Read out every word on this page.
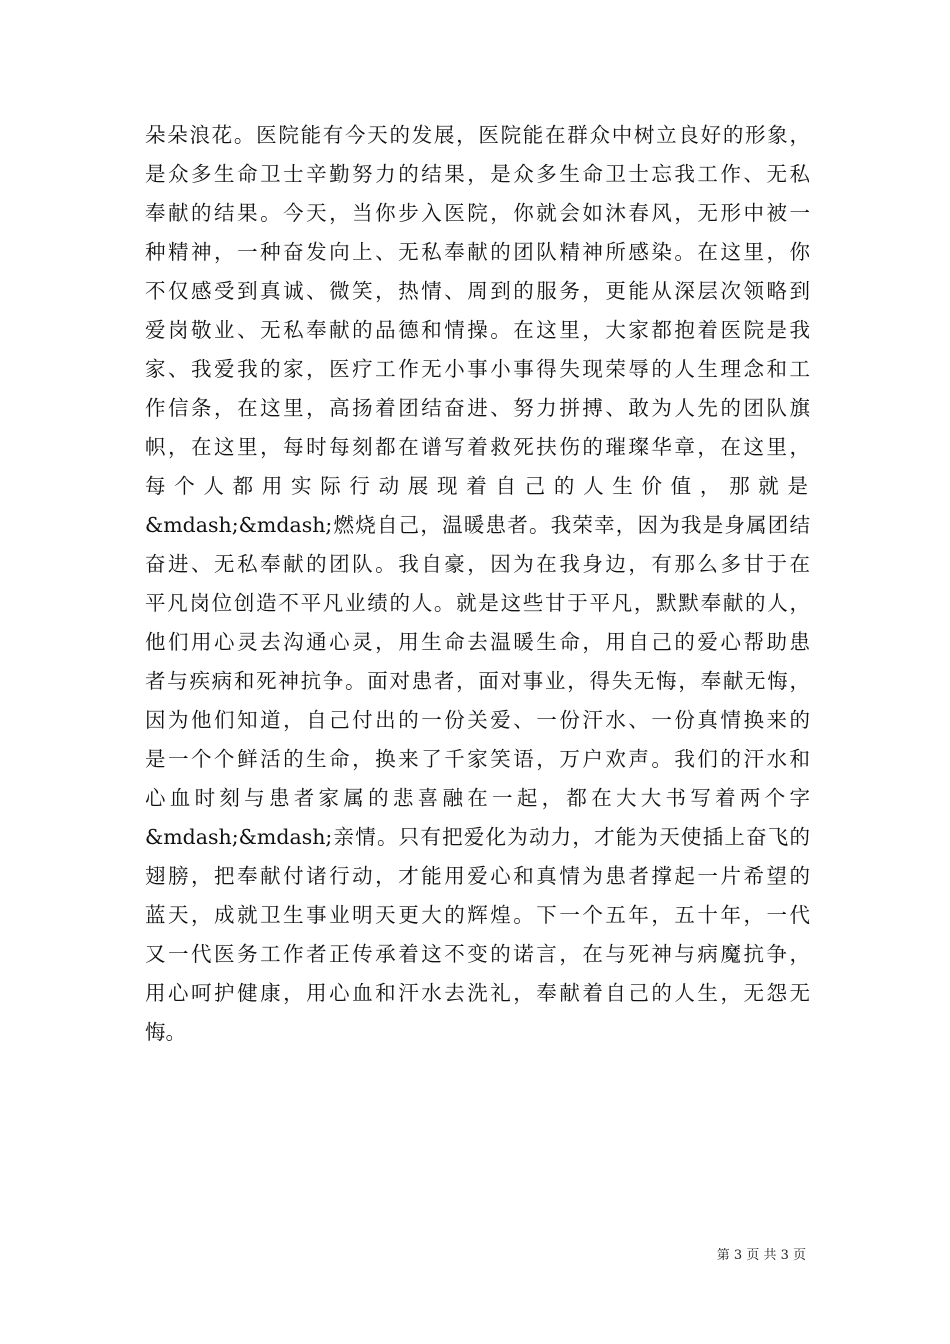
朵朵浪花。医院能有今天的发展，医院能在群众中树立良好的形象，
是众多生命卫士辛勤努力的结果，是众多生命卫士忘我工作、无私
奉献的结果。今天，当你步入医院，你就会如沐春风，无形中被一
种精神，一种奋发向上、无私奉献的团队精神所感染。在这里，你
不仅感受到真诚、微笑，热情、周到的服务，更能从深层次领略到
爱岗敬业、无私奉献的品德和情操。在这里，大家都抱着医院是我
家、我爱我的家，医疗工作无小事小事得失现荣辱的人生理念和工
作信条，在这里，高扬着团结奋进、努力拼搏、敢为人先的团队旗
帜，在这里，每时每刻都在谱写着救死扶伤的璀璨华章，在这里，
每个人都用实际行动展现着自己的人生价值，那就是
&mdash;&mdash;燃烧自己，温暖患者。我荣幸，因为我是身属团结
奋进、无私奉献的团队。我自豪，因为在我身边，有那么多甘于在
平凡岗位创造不平凡业绩的人。就是这些甘于平凡，默默奉献的人，
他们用心灵去沟通心灵，用生命去温暖生命，用自己的爱心帮助患
者与疾病和死神抗争。面对患者，面对事业，得失无悔，奉献无悔，
因为他们知道，自己付出的一份关爱、一份汗水、一份真情换来的
是一个个鲜活的生命，换来了千家笑语，万户欢声。我们的汗水和
心血时刻与患者家属的悲喜融在一起，都在大大书写着两个字
&mdash;&mdash;亲情。只有把爱化为动力，才能为天使插上奋飞的
翅膀，把奉献付诸行动，才能用爱心和真情为患者撑起一片希望的
蓝天，成就卫生事业明天更大的辉煌。下一个五年，五十年，一代
又一代医务工作者正传承着这不变的诺言，在与死神与病魔抗争，
用心呵护健康，用心血和汗水去洗礼，奉献着自己的人生，无怨无
悔。
第 3 页 共 3 页
